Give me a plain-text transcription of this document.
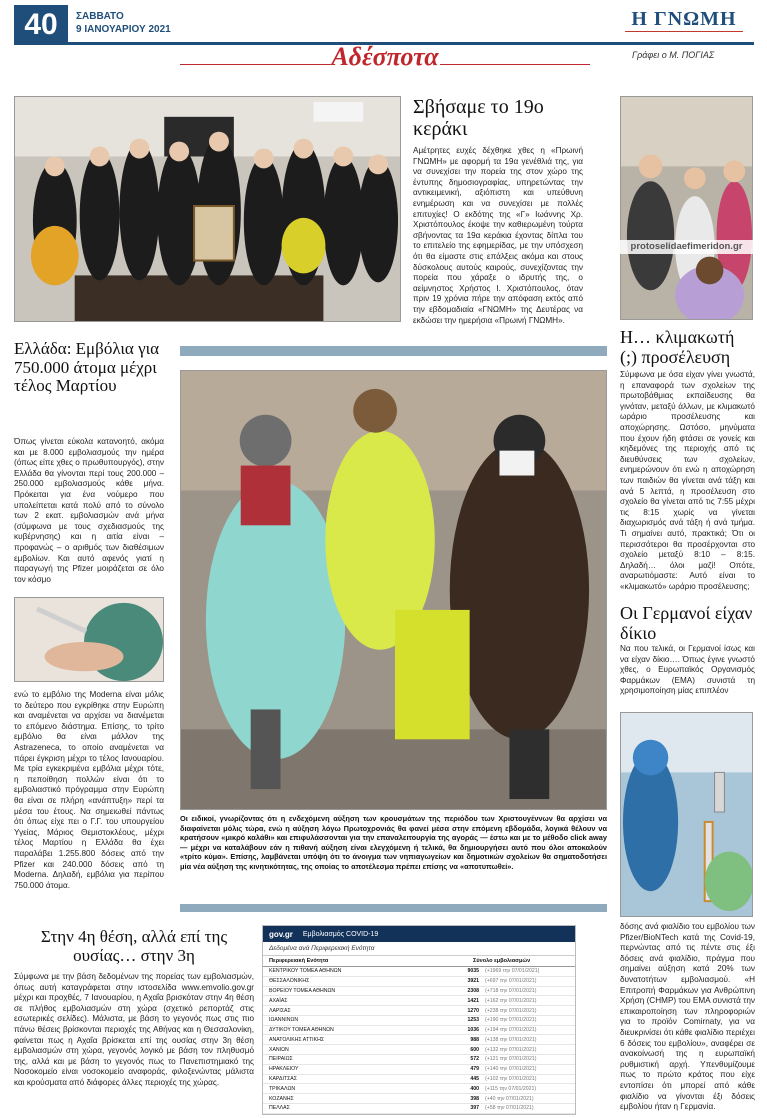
40	ΣΑΒΒΑΤΟ
9 ΙΑΝΟΥΑΡΙΟΥ 2021	Η ΓΝΩΜΗ
Γράφει ο Μ. ΠΟΓΙΑΣ
Αδέσποτα
Σβήσαμε το 19ο κεράκι
Αμέτρητες ευχές δέχθηκε χθες η «Πρωινή ΓΝΩΜΗ» με αφορμή τα 19α γενέθλιά της, για να συνεχίσει την πορεία της στον χώρο της έντυπης δημοσιογραφίας, υπηρετώντας την αντικειμενική, αξιόπιστη και υπεύθυνη ενημέρωση και να συνεχίσει με πολλές επιτυχίες! Ο εκδότης της «Γ» Ιωάννης Χρ. Χριστόπουλος έκοψε την καθιερωμένη τούρτα σβήνοντας τα 19α κεράκια έχοντας δίπλα του το επιτελείο της εφημερίδας, με την υπόσχεση ότι θα είμαστε στις επάλξεις ακόμα και στους δύσκολους αυτούς καιρούς, συνεχίζοντας την πορεία που χάραξε ο ιδρυτής της, ο αείμνηστος Χρήστος Ι. Χριστόπουλος, όταν πριν 19 χρόνια πήρε την απόφαση εκτός από την εβδομαδιαία «ΓΝΩΜΗ» της Δευτέρας να εκδώσει την ημερήσια «Πρωινή ΓΝΩΜΗ».
protoselidaefimeridon.gr
Η… κλιμακωτή (;) προσέλευση
Σύμφωνα με όσα είχαν γίνει γνωστά, η επαναφορά των σχολείων της πρωτοβάθμιας εκπαίδευσης θα γινόταν, μεταξύ άλλων, με κλιμακωτό ωράριο προσέλευσης και αποχώρησης. Ωστόσο, μηνύματα που έχουν ήδη φτάσει σε γονείς και κηδεμόνες της περιοχής από τις διευθύνσεις των σχολείων, ενημερώνουν ότι ενώ η αποχώρηση των παιδιών θα γίνεται ανά τάξη και ανά 5 λεπτά, η προσέλευση στο σχολείο θα γίνεται από τις 7:55 μέχρι τις 8:15 χωρίς να γίνεται διαχωρισμός ανά τάξη ή ανά τμήμα. Τι σημαίνει αυτό, πρακτικά; Ότι οι περισσότεροι θα προσέρχονται στο σχολείο μεταξύ 8:10 – 8:15. Δηλαδή… όλοι μαζί! Οπότε, αναρωτιόμαστε: Αυτό είναι το «κλιμακωτό» ωράριο προσέλευσης;
Οι Γερμανοί είχαν δίκιο
Να που τελικά, οι Γερμανοί ίσως και να είχαν δίκιο…. Όπως έγινε γνωστό χθες, ο Ευρωπαϊκός Οργανισμός Φαρμάκων (ΕΜΑ) συνιστά τη χρησιμοποίηση μίας επιπλέον
δόσης ανά φιαλίδιο του εμβολίου των Pfizer/BioNTech κατά της Covid-19, περνώντας από τις πέντε στις έξι δόσεις ανά φιαλίδιο, πράγμα που σημαίνει αύξηση κατά 20% των δυνατοτήτων εμβολιασμού. «Η Επιτροπή Φαρμάκων για Ανθρώπινη Χρήση (CHMP) του ΕΜΑ συνιστά την επικαιροποίηση των πληροφοριών για το προϊόν Comirnaty, για να διευκρινίσει ότι κάθε φιαλίδιο περιέχει 6 δόσεις του εμβολίου», αναφέρει σε ανακοίνωσή της η ευρωπαϊκή ρυθμιστική αρχή. Υπενθυμίζουμε πως το πρώτο κράτος που είχε εντοπίσει ότι μπορεί από κάθε φιαλίδιο να γίνονται έξι δόσεις εμβολίου ήταν η Γερμανία.
Ελλάδα: Εμβόλια για 750.000 άτομα μέχρι τέλος Μαρτίου
Όπως γίνεται εύκολα κατανοητό, ακόμα και με 8.000 εμβολιασμούς την ημέρα (όπως είπε χθες ο πρωθυπουργός), στην Ελλάδα θα γίνονται περί τους 200.000 – 250.000 εμβολιασμούς κάθε μήνα. Πρόκειται για ένα νούμερο που υπολείπεται κατά πολύ από το σύνολο των 2 εκατ. εμβολιασμών ανά μήνα (σύμφωνα με τους σχεδιασμούς της κυβέρνησης) και η αιτία είναι – προφανώς – ο αριθμός των διαθέσιμων εμβολίων. Και αυτό αφενός γιατί η παραγωγή της Pfizer μοιράζεται σε όλο τον κόσμο
ενώ το εμβόλιο της Moderna είναι μόλις το δεύτερο που εγκρίθηκε στην Ευρώπη και αναμένεται να αρχίσει να διανέμεται το επόμενο διάστημα. Επίσης, το τρίτο εμβόλιο θα είναι μάλλον της Astrazeneca, το οποίο αναμένεται να πάρει έγκριση μέχρι το τέλος Ιανουαρίου. Με τρία εγκεκριμένα εμβόλια μέχρι τότε, η πεποίθηση πολλών είναι ότι το εμβολιαστικό πρόγραμμα στην Ευρώπη θα είναι σε πλήρη «ανάπτυξη» περί τα μέσα του έτους. Να σημειωθεί πάντως ότι όπως είχε πει ο Γ.Γ. του υπουργείου Υγείας, Μάριος Θεμιστοκλέους, μέχρι τέλος Μαρτίου η Ελλάδα θα έχει παραλάβει 1.255.800 δόσεις από την Pfizer και 240.000 δόσεις από τη Moderna. Δηλαδή, εμβόλια για περίπου 750.000 άτομα.
Οι ειδικοί, γνωρίζοντας ότι η ενδεχόμενη αύξηση των κρουσμάτων της περιόδου των Χριστουγέννων θα αρχίσει να διαφαίνεται μόλις τώρα, ενώ η αύξηση λόγω Πρωτοχρονιάς θα φανεί μέσα στην επόμενη εβδομάδα, λογικά θέλουν να κρατήσουν «μικρό καλάθι» και επιφυλάσσονται για την επαναλειτουργία της αγοράς — έστω και με το μέθοδο click away — μέχρι να καταλάβουν εάν η πιθανή αύξηση είναι ελεγχόμενη ή τελικά, θα δημιουργήσει αυτό που όλοι αποκαλούν «τρίτο κύμα». Επίσης, λαμβάνεται υπόψη ότι το άνοιγμα των νηπιαγωγείων και δημοτικών σχολείων θα σηματοδοτήσει μία νέα αύξηση της κινητικότητας, της οποίας το αποτέλεσμα πρέπει επίσης να «αποτυπωθεί».
Στην 4η θέση, αλλά επί της ουσίας… στην 3η
Σύμφωνα με την βάση δεδομένων της πορείας των εμβολιασμών, όπως αυτή καταγράφεται στην ιστοσελίδα www.emvolio.gov.gr μέχρι και προχθές, 7 Ιανουαρίου, η Αχαΐα βρισκόταν στην 4η θέση σε πλήθος εμβολιασμών στη χώρα (σχετικό ρεπορτάζ στις εσωτερικές σελίδες). Μάλιστα, με βάση το γεγονός πως στις πιο πάνω θέσεις βρίσκονται περιοχές της Αθήνας και η Θεσσαλονίκη, φαίνεται πως η Αχαΐα βρίσκεται επί της ουσίας στην 3η θέση εμβολιασμών στη χώρα, γεγονός λογικό με βάση τον πληθυσμό της, αλλά και με βάση το γεγονός πως το Πανεπιστημιακό της Νοσοκομείο είναι νοσοκομείο αναφοράς, φιλοξενώντας μάλιστα και κρούσματα από διάφορες άλλες περιοχές της χώρας.
gov.gr Εμβολιασμός COVID-19
Δεδομένα ανά Περιφερειακή Ενότητα
Περιφερειακή Ενότητα	Σύνολο εμβολιασμών
ΚΕΝΤΡΙΚΟΥ ΤΟΜΕΑ ΑΘΗΝΩΝ	9035	(+1969 την 07/01/2021)
ΘΕΣΣΑΛΟΝΙΚΗΣ	3921	(+697 την 07/01/2021)
ΒΟΡΕΙΟΥ ΤΟΜΕΑ ΑΘΗΝΩΝ	2308	(+718 την 07/01/2021)
ΑΧΑΪΑΣ	1421	(+162 την 07/01/2021)
ΛΑΡΙΣΑΣ	1270	(+238 την 07/01/2021)
ΙΩΑΝΝΙΝΩΝ	1253	(+190 την 07/01/2021)
ΔΥΤΙΚΟΥ ΤΟΜΕΑ ΑΘΗΝΩΝ	1036	(+194 την 07/01/2021)
ΑΝΑΤΟΛΙΚΗΣ ΑΤΤΙΚΗΣ	988	(+138 την 07/01/2021)
ΧΑΝΙΩΝ	600	(+132 την 07/01/2021)
ΠΕΙΡΑΙΩΣ	572	(+121 την 07/01/2021)
ΗΡΑΚΛΕΙΟΥ	479	(+140 την 07/01/2021)
ΚΑΡΔΙΤΣΑΣ	445	(+102 την 07/01/2021)
ΤΡΙΚΑΛΩΝ	400	(+115 την 07/01/2021)
ΚΟΖΑΝΗΣ	398	(+40 την 07/01/2021)
ΠΕΛΛΑΣ	397	(+58 την 07/01/2021)
